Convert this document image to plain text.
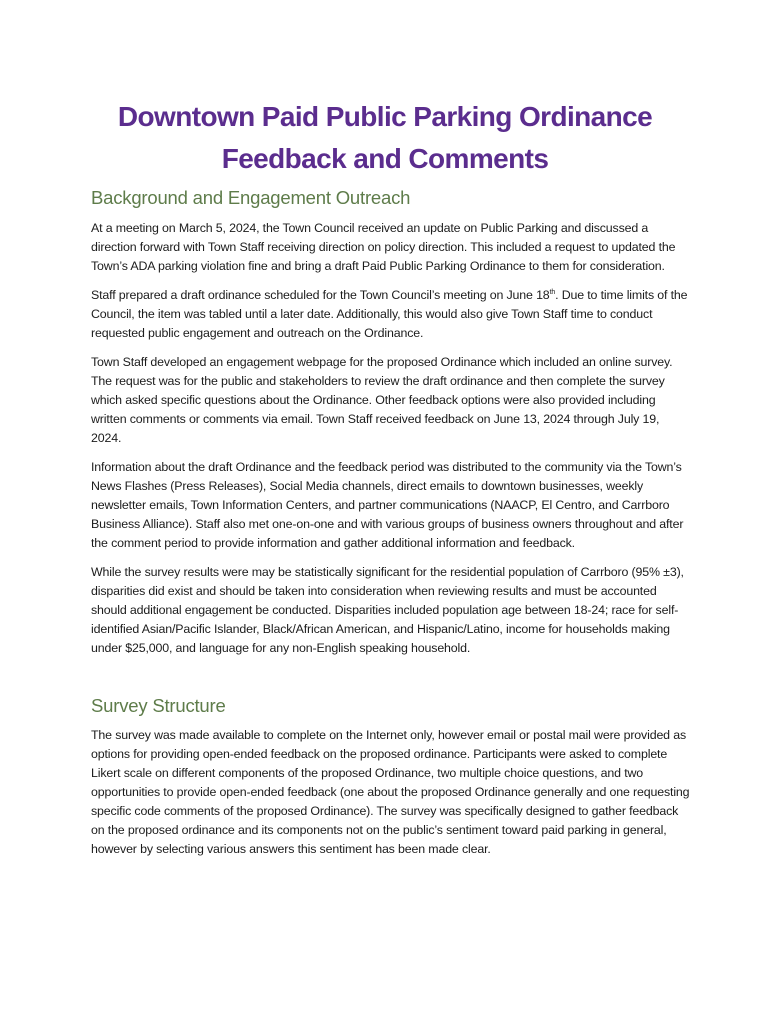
Downtown Paid Public Parking Ordinance
Feedback and Comments
Background and Engagement Outreach

At a meeting on March 5, 2024, the Town Council received an update on Public Parking and discussed a direction forward with Town Staff receiving direction on policy direction. This included a request to updated the Town’s ADA parking violation fine and bring a draft Paid Public Parking Ordinance to them for consideration.

Staff prepared a draft ordinance scheduled for the Town Council’s meeting on June 18th. Due to time limits of the Council, the item was tabled until a later date. Additionally, this would also give Town Staff time to conduct requested public engagement and outreach on the Ordinance.

Town Staff developed an engagement webpage for the proposed Ordinance which included an online survey. The request was for the public and stakeholders to review the draft ordinance and then complete the survey which asked specific questions about the Ordinance. Other feedback options were also provided including written comments or comments via email. Town Staff received feedback on June 13, 2024 through July 19, 2024.

Information about the draft Ordinance and the feedback period was distributed to the community via the Town’s News Flashes (Press Releases), Social Media channels, direct emails to downtown businesses, weekly newsletter emails, Town Information Centers, and partner communications (NAACP, El Centro, and Carrboro Business Alliance). Staff also met one-on-one and with various groups of business owners throughout and after the comment period to provide information and gather additional information and feedback.

While the survey results were may be statistically significant for the residential population of Carrboro (95% ±3), disparities did exist and should be taken into consideration when reviewing results and must be accounted should additional engagement be conducted. Disparities included population age between 18-24; race for self-identified Asian/Pacific Islander, Black/African American, and Hispanic/Latino, income for households making under $25,000, and language for any non-English speaking household.

Survey Structure

The survey was made available to complete on the Internet only, however email or postal mail were provided as options for providing open-ended feedback on the proposed ordinance. Participants were asked to complete Likert scale on different components of the proposed Ordinance, two multiple choice questions, and two opportunities to provide open-ended feedback (one about the proposed Ordinance generally and one requesting specific code comments of the proposed Ordinance). The survey was specifically designed to gather feedback on the proposed ordinance and its components not on the public’s sentiment toward paid parking in general, however by selecting various answers this sentiment has been made clear.
